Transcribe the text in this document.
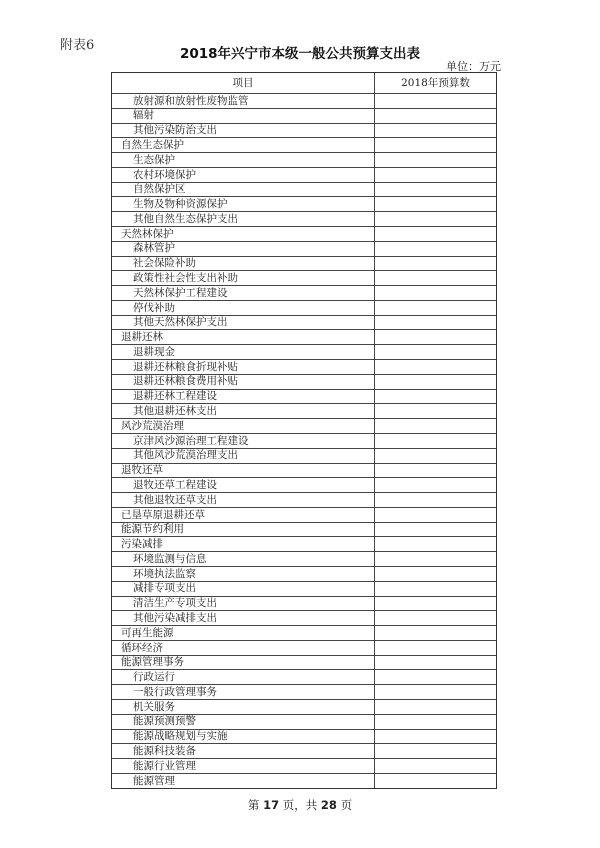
附表6
2018年兴宁市本级一般公共预算支出表
单位：万元
项目	2018年预算数
放射源和放射性废物监管
辐射
其他污染防治支出
自然生态保护
生态保护
农村环境保护
自然保护区
生物及物种资源保护
其他自然生态保护支出
天然林保护
森林管护
社会保险补助
政策性社会性支出补助
天然林保护工程建设
停伐补助
其他天然林保护支出
退耕还林
退耕现金
退耕还林粮食折现补贴
退耕还林粮食费用补贴
退耕还林工程建设
其他退耕还林支出
风沙荒漠治理
京津风沙源治理工程建设
其他风沙荒漠治理支出
退牧还草
退牧还草工程建设
其他退牧还草支出
已垦草原退耕还草
能源节约利用
污染减排
环境监测与信息
环境执法监察
减排专项支出
清洁生产专项支出
其他污染减排支出
可再生能源
循环经济
能源管理事务
行政运行
一般行政管理事务
机关服务
能源预测预警
能源战略规划与实施
能源科技装备
能源行业管理
能源管理
第 17 页，共 28 页
